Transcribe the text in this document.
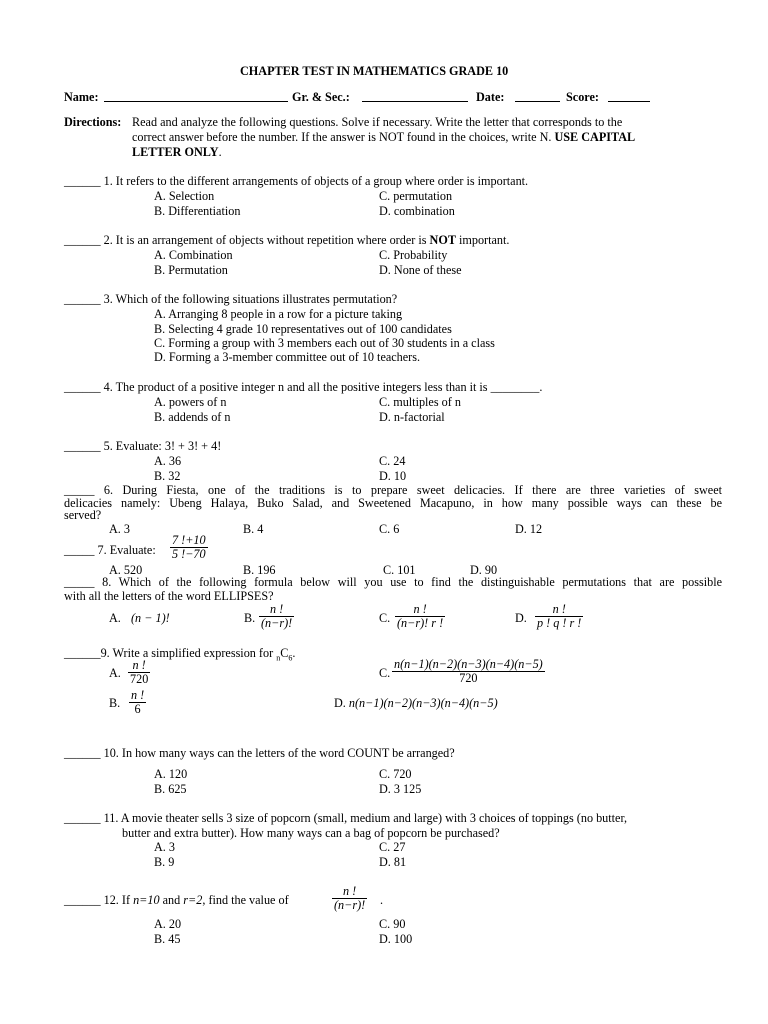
CHAPTER TEST IN MATHEMATICS GRADE 10
Name:	Gr. & Sec.:	Date:	Score:
Directions: Read and analyze the following questions. Solve if necessary. Write the letter that corresponds to the
correct answer before the number. If the answer is NOT found in the choices, write N. USE CAPITAL
LETTER ONLY.
______ 1. It refers to the different arrangements of objects of a group where order is important.
A. Selection	C. permutation
B. Differentiation	D. combination
______ 2. It is an arrangement of objects without repetition where order is NOT important.
A. Combination	C. Probability
B. Permutation	D. None of these
______ 3. Which of the following situations illustrates permutation?
A. Arranging 8 people in a row for a picture taking
B. Selecting 4 grade 10 representatives out of 100 candidates
C. Forming a group with 3 members each out of 30 students in a class
D. Forming a 3-member committee out of 10 teachers.
______ 4. The product of a positive integer n and all the positive integers less than it is ________.
A. powers of n	C. multiples of n
B. addends of n	D. n-factorial
______ 5. Evaluate: 3! + 3! + 4!
A. 36	C. 24
B. 32	D. 10
_____ 6. During Fiesta, one of the traditions is to prepare sweet delicacies. If there are three varieties of sweet
delicacies namely: Ubeng Halaya, Buko Salad, and Sweetened Macapuno, in how many possible ways can these be
served?
A. 3	B. 4	C. 6	D. 12
_____ 7. Evaluate: $\frac{7 !+10}{5 !-70}$
A. 520	B. 196	C. 101	D. 90
_____ 8. Which of the following formula below will you use to find the distinguishable permutations that are possible
with all the letters of the word ELLIPSES?
A. (n − 1)!	B. $\frac{n !}{(n-r)!}$	C. $\frac{n !}{(n-r)! r !}$	D. $\frac{n !}{p ! q ! r !}$
______9. Write a simplified expression for $_nC_6$.
A. $\frac{n !}{720}$	C. $\frac{n(n-1)(n-2)(n-3)(n-4)(n-5)}{720}$
B. $\frac{n !}{6}$	D. n(n−1)(n−2)(n−3)(n−4)(n−5)
______ 10. In how many ways can the letters of the word COUNT be arranged?
A. 120	C. 720
B. 625	D. 3 125
______ 11. A movie theater sells 3 size of popcorn (small, medium and large) with 3 choices of toppings (no butter,
butter and extra butter). How many ways can a bag of popcorn be purchased?
A. 3	C. 27
B. 9	D. 81
______ 12. If n=10 and r=2, find the value of	$\frac{n !}{(n-r)!}$ .
A. 20	C. 90
B. 45	D. 100
